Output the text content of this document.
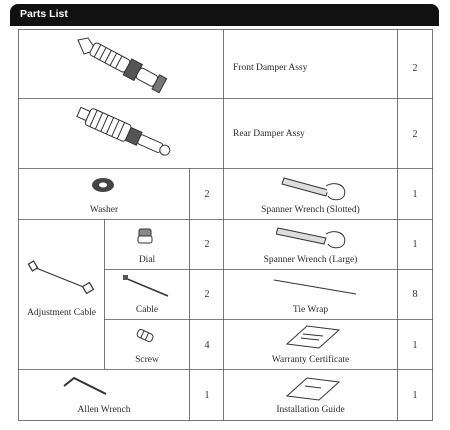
Parts List
Front Damper Assy	2
Rear Damper Assy	2
Washer
2
Spanner Wrench (Slotted)
1
Adjustment Cable
Dial
2
Spanner Wrench (Large)
1
Cable
2
Tie Wrap
8
Screw
4
Warranty Certificate
1
Allen Wrench
1
Installation Guide
1
